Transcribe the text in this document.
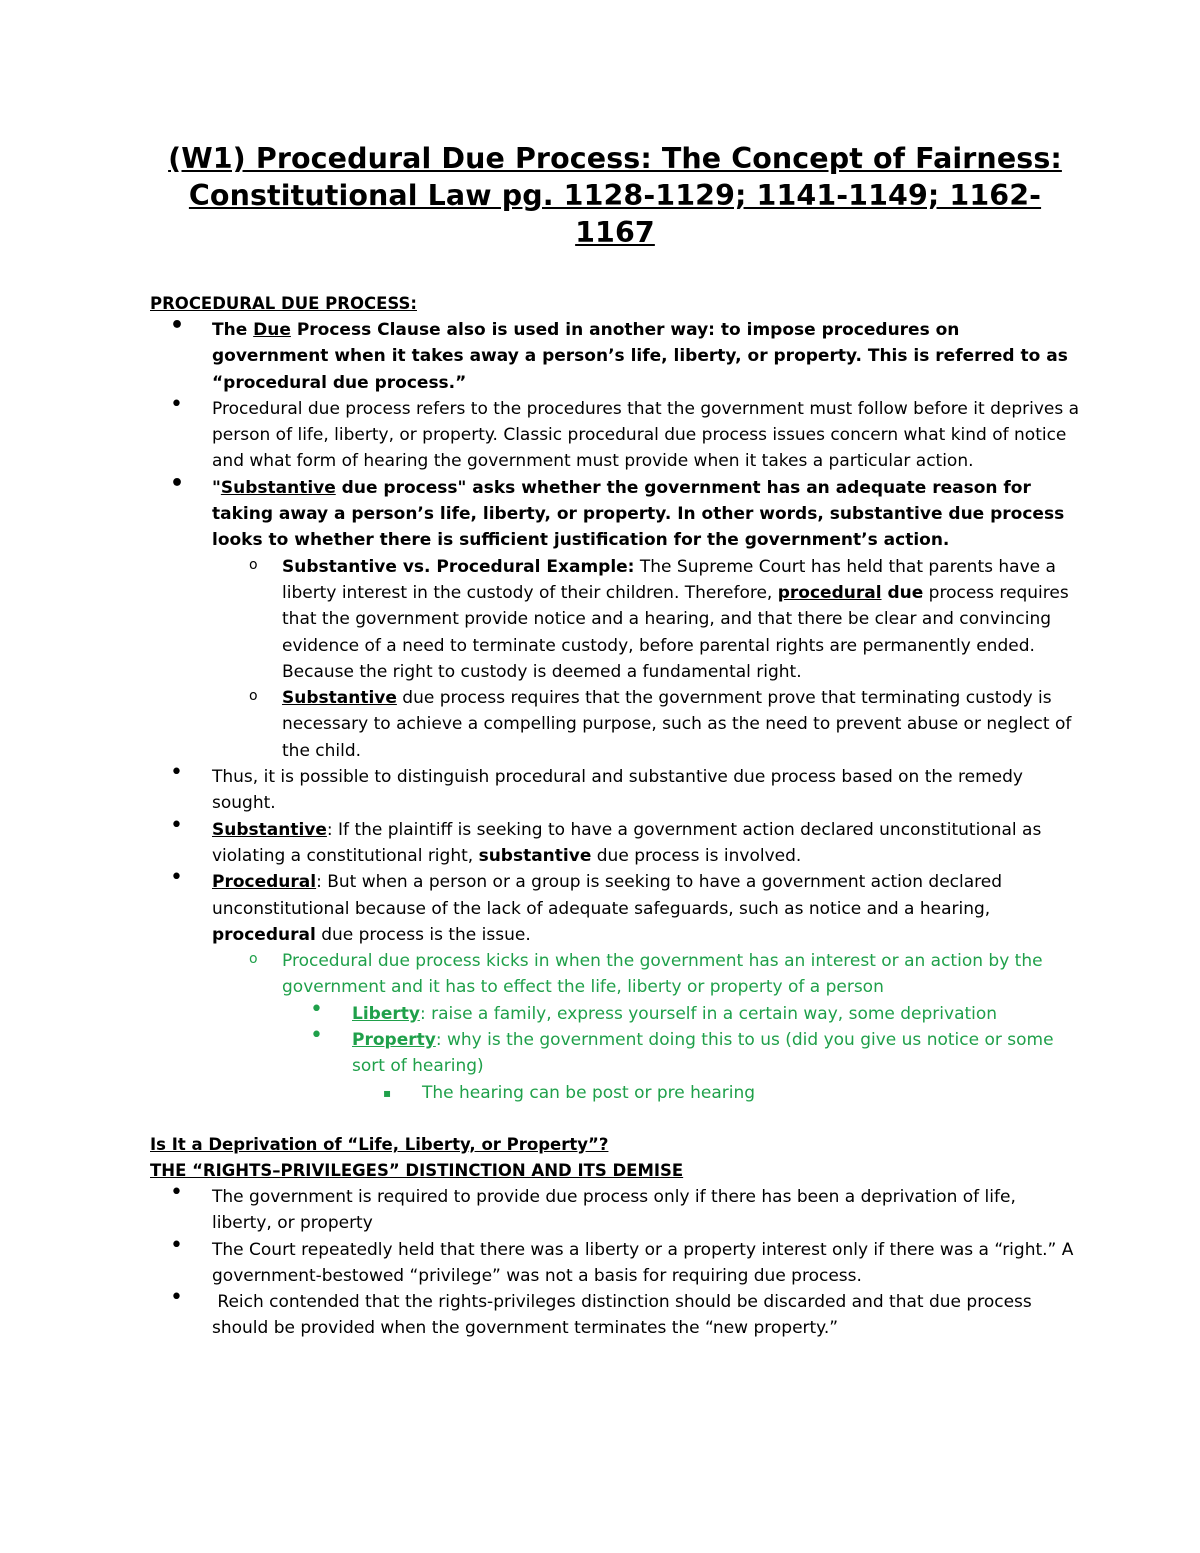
(W1) Procedural Due Process: The Concept of Fairness: Constitutional Law pg. 1128-1129; 1141-1149; 1162-1167
PROCEDURAL DUE PROCESS:
• The Due Process Clause also is used in another way: to impose procedures on government when it takes away a person’s life, liberty, or property. This is referred to as “procedural due process.”
• Procedural due process refers to the procedures that the government must follow before it deprives a person of life, liberty, or property. Classic procedural due process issues concern what kind of notice and what form of hearing the government must provide when it takes a particular action.
• "Substantive due process" asks whether the government has an adequate reason for taking away a person’s life, liberty, or property. In other words, substantive due process looks to whether there is sufficient justification for the government’s action.
o Substantive vs. Procedural Example: The Supreme Court has held that parents have a liberty interest in the custody of their children. Therefore, procedural due process requires that the government provide notice and a hearing, and that there be clear and convincing evidence of a need to terminate custody, before parental rights are permanently ended. Because the right to custody is deemed a fundamental right.
o Substantive due process requires that the government prove that terminating custody is necessary to achieve a compelling purpose, such as the need to prevent abuse or neglect of the child.
• Thus, it is possible to distinguish procedural and substantive due process based on the remedy sought.
• Substantive: If the plaintiff is seeking to have a government action declared unconstitutional as violating a constitutional right, substantive due process is involved.
• Procedural: But when a person or a group is seeking to have a government action declared unconstitutional because of the lack of adequate safeguards, such as notice and a hearing, procedural due process is the issue.
o Procedural due process kicks in when the government has an interest or an action by the government and it has to effect the life, liberty or property of a person
• Liberty: raise a family, express yourself in a certain way, some deprivation
• Property: why is the government doing this to us (did you give us notice or some sort of hearing)
▪ The hearing can be post or pre hearing
Is It a Deprivation of “Life, Liberty, or Property”?
THE “RIGHTS–PRIVILEGES” DISTINCTION AND ITS DEMISE
• The government is required to provide due process only if there has been a deprivation of life, liberty, or property
• The Court repeatedly held that there was a liberty or a property interest only if there was a “right.” A government-bestowed “privilege” was not a basis for requiring due process.
•  Reich contended that the rights-privileges distinction should be discarded and that due process should be provided when the government terminates the “new property.”
